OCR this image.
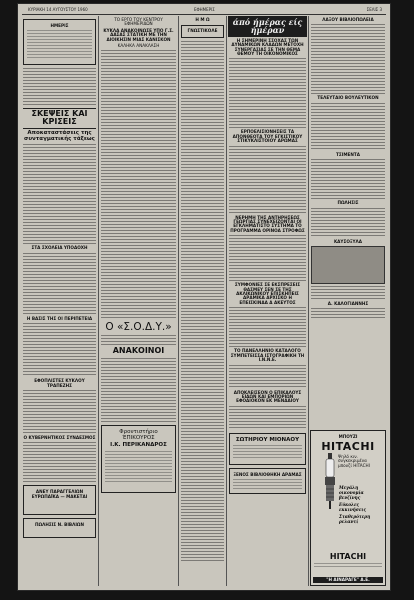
ΚΥΡΙΑΚΗ 14 ΑΥΓΟΥΣΤΟΥ 1960	ΕΦΗΜΕΡΙΣ	ΣΕΛΙΣ 3
ΗΜΕΡΙΣ
ΣΚΕΨΕΙΣ ΚΑΙ ΚΡΙΣΕΙΣ
Αποκαταστάσεις της συνταγματικής τάξεως
ΣΤΑ ΣΧΟΛΕΙΑ ΥΠΟΔΟΧΗ
Η ΒΑΣΙΣ ΤΗΣ ΟΙ ΠΕΡΙΠΕΤΕΙΑ
ΕΦΟΠΛΙΣΤΕΣ ΚΥΚΛΟΥ ΤΡΑΠΕΖΗΣ
Ο ΚΥΒΕΡΝΗΤΙΚΟΣ ΣΥΝΔΕΣΜΟΣ
ΑΝΕΥ ΠΑΡΑΓΓΕΛΙΩΝ ΕΥΡΩΠΑΪΚΑ — ΜΑΚΕΤΑΙ
ΠΩΛΗΣΙΣ Ν. ΒΙΒΛΙΩΝ
ΤΟ ΕΡΓΟ ΤΟΥ ΚΕΝΤΡΟΥ ΕΦΗΜΕΡΙΔΩΝ
ΚΥΚΛΑ ΑΝΑΚΟΙΝΩΣΕ ΥΠΟ Γ.Σ. ΔΑΣΑΣ ΣΤΑΤΙΚΗ ΜΕ ΤΗΝ ΔΙΟΙΚΗΣΙΝ ΜΙΑΣ ΚΑΝΙΣΚΟΝ
ΚΑΛΗΚΑ ΑΝΑΚΛΑΣΗ
Ο «Σ.Ο.Δ.Υ.»
ΑΝΑΚΟΙΝΟΙ
Φροντιστήριο ΈΠΙΚΟΥΡΟΣ
Ι.Κ. ΠΕΡΙΚΑΝΔΡΟΣ
Η Μ Ω
ΓΝΩΣΤΙΚΟΛΕ
άπό ήμέρας είς ήμέραν
Η ΣΗΜΕΡΙΝΗ ΣΣΟΧΑΣ ΤΩΝ ΔΥΝΑΜΙΚΩΝ ΚΛΑΔΩΝ ΜΕΤΟΧΗ ΣΥΝΕΡΓΑΣΙΑΣ ΣΕ ΤΗΝ ΘΕΜΑ ΘΕΜΟΥ ΤΗ ΟΙΚΟΝΟΜΙΚΟΣ
ΕΡΠΟΕΛΙΣΙΟΝΗΣΕΙΣ ΤΑ ΑΠΟΝΘΕΟΤΑ ΤΟΥ ΕΓΚΙΣΤΙΚΟΥ ΣΤΙΚΥΚΛΙΣΤΟΙΟΥ ΑΡΩΜΑΣ
ΝΕΡΗΜΗ ΤΗΣ ΑΝΤΗΡΗΣΕΩΣ ΓΕΩΡΓΙΑΣ ΣΥΝΕΧΕΙΖΟΝΤΑΙ ΟΙ ΕΓΚΛΗΜΑΤΙΣΤΟ ΣΥΣΤΗΜΑ ΤΟ ΠΡΟΓΡΑΜΜΑ ΟΡΙΝΟΑ ΣΤΡΟΦΩΣ
ΣΥΜΦΟΝΙΕΣ ΣΕ ΕΚΣΠΡΕΣΕΙΣ ΘΑΣΜΕΥ ΣΕΝ ΣΕ ΤΗΣ ΑΚΛΙΚΩΝΙΚΟΥ ΕΠΙΣΚΗΠΕΙΣ ΔΡΑΜΙΚΑ ΑΡΧΙΣΚΟ Η ΕΠΕΙΣΚΙΝΔΑ Δ ΑΚΕΥΤΟΣ
ΤΟ ΠΑΝΕΛΛΗΝΙΟ ΚΑΤΑΛΟΓΟ ΣΥΜΠΕΤΕΙΣΣΑ ΙΣΤΟΓΡΑΦΙΚΗ ΤΗ Ι.Ν.Ν.Ε.
ΑΠΟΚΛΕΙΣΕΟΝ Ο ΕΠΙΚΑΛΟΥΣ ΕΙΔΩΝ ΚΑΙ ΕΜΠΟΡΙΩΝ ΕΦΟΔΙΟΚΟΝ ΕΚ ΜΕΝΔΑΙΟΥ
ΣΩΤΗΡΙΟΥ ΜΙΟΝΑΟΥ
ΞΕΝΟΣ ΒΙΒΛΙΟΘΗΚΗ ΔΡΑΜΑΣ
ΛΑΞΟΥ ΒΙΒΛΙΟΠΩΛΕΙΑ
ΤΕΛΕΥΤΑΙΟ ΒΟΥΛΕΥΤΙΚΟΝ
ΤΣΙΜΕΝΤΑ
ΠΩΛΗΣΙΣ
ΚΑΥΣΟΞΥΛΑ
Α. ΚΑΛΟΓΙΑΝΝΗΣ
ΜΠΟΥΖΙ
HITACHI
Ψηλό κιν. συγκεκριμένα μπουζί HITACHI
Μεγάλη οικονομία βενζίνης
Εύκολες εκκινήσεις
Σταθερότερη ρελαντί
HITACHI
"Η ΑΙΝΑΡΑΓΕ" Α.Ε.
